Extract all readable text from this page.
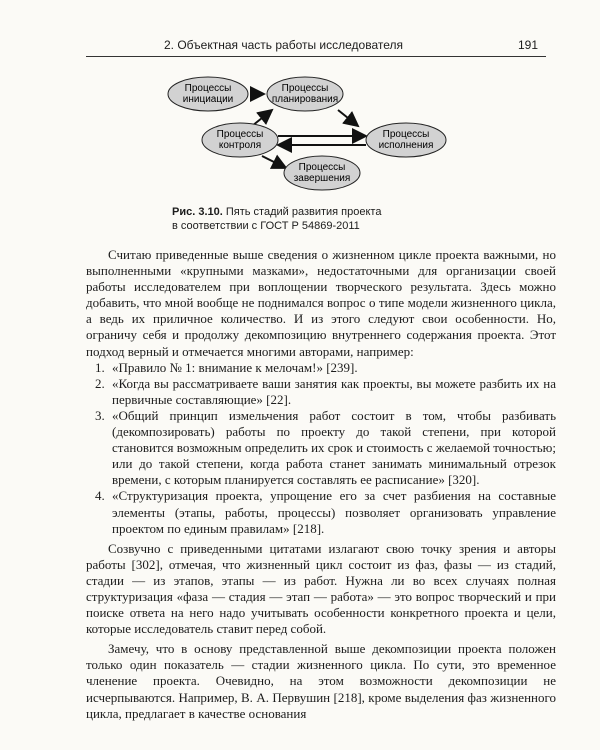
2. Объектная часть работы исследователя	191
Процессы
инициации
Процессы
планирования
Процессы
контроля
Процессы
исполнения
Процессы
завершения
Рис. 3.10. Пять стадий развития проекта
в соответствии с ГОСТ Р 54869-2011

Считаю приведенные выше сведения о жизненном цикле проекта важными, но выполненными «крупными мазками», недостаточными для организации своей работы исследователем при воплощении творческого результата. Здесь можно добавить, что мной вообще не поднимался вопрос о типе модели жизненного цикла, а ведь их приличное количество. И из этого следуют свои особенности. Но, ограничу себя и продолжу декомпозицию внутреннего содержания проекта. Этот подход верный и отмечается многими авторами, например:

1. «Правило № 1: внимание к мелочам!» [239].
2. «Когда вы рассматриваете ваши занятия как проекты, вы можете разбить их на первичные составляющие» [22].
3. «Общий принцип измельчения работ состоит в том, чтобы разбивать (декомпозировать) работы по проекту до такой степени, при которой становится возможным определить их срок и стоимость с желаемой точностью; или до такой степени, когда работа станет занимать минимальный отрезок времени, с которым планируется составлять ее расписание» [320].
4. «Структуризация проекта, упрощение его за счет разбиения на составные элементы (этапы, работы, процессы) позволяет организовать управление проектом по единым правилам» [218].

Созвучно с приведенными цитатами излагают свою точку зрения и авторы работы [302], отмечая, что жизненный цикл состоит из фаз, фазы — из стадий, стадии — из этапов, этапы — из работ. Нужна ли во всех случаях полная структуризация «фаза — стадия — этап — работа» — это вопрос творческий и при поиске ответа на него надо учитывать особенности конкретного проекта и цели, которые исследователь ставит перед собой.

Замечу, что в основу представленной выше декомпозиции проекта положен только один показатель — стадии жизненного цикла. По сути, это временное членение проекта. Очевидно, на этом возможности декомпозиции не исчерпываются. Например, В. А. Первушин [218], кроме выделения фаз жизненного цикла, предлагает в качестве основания
